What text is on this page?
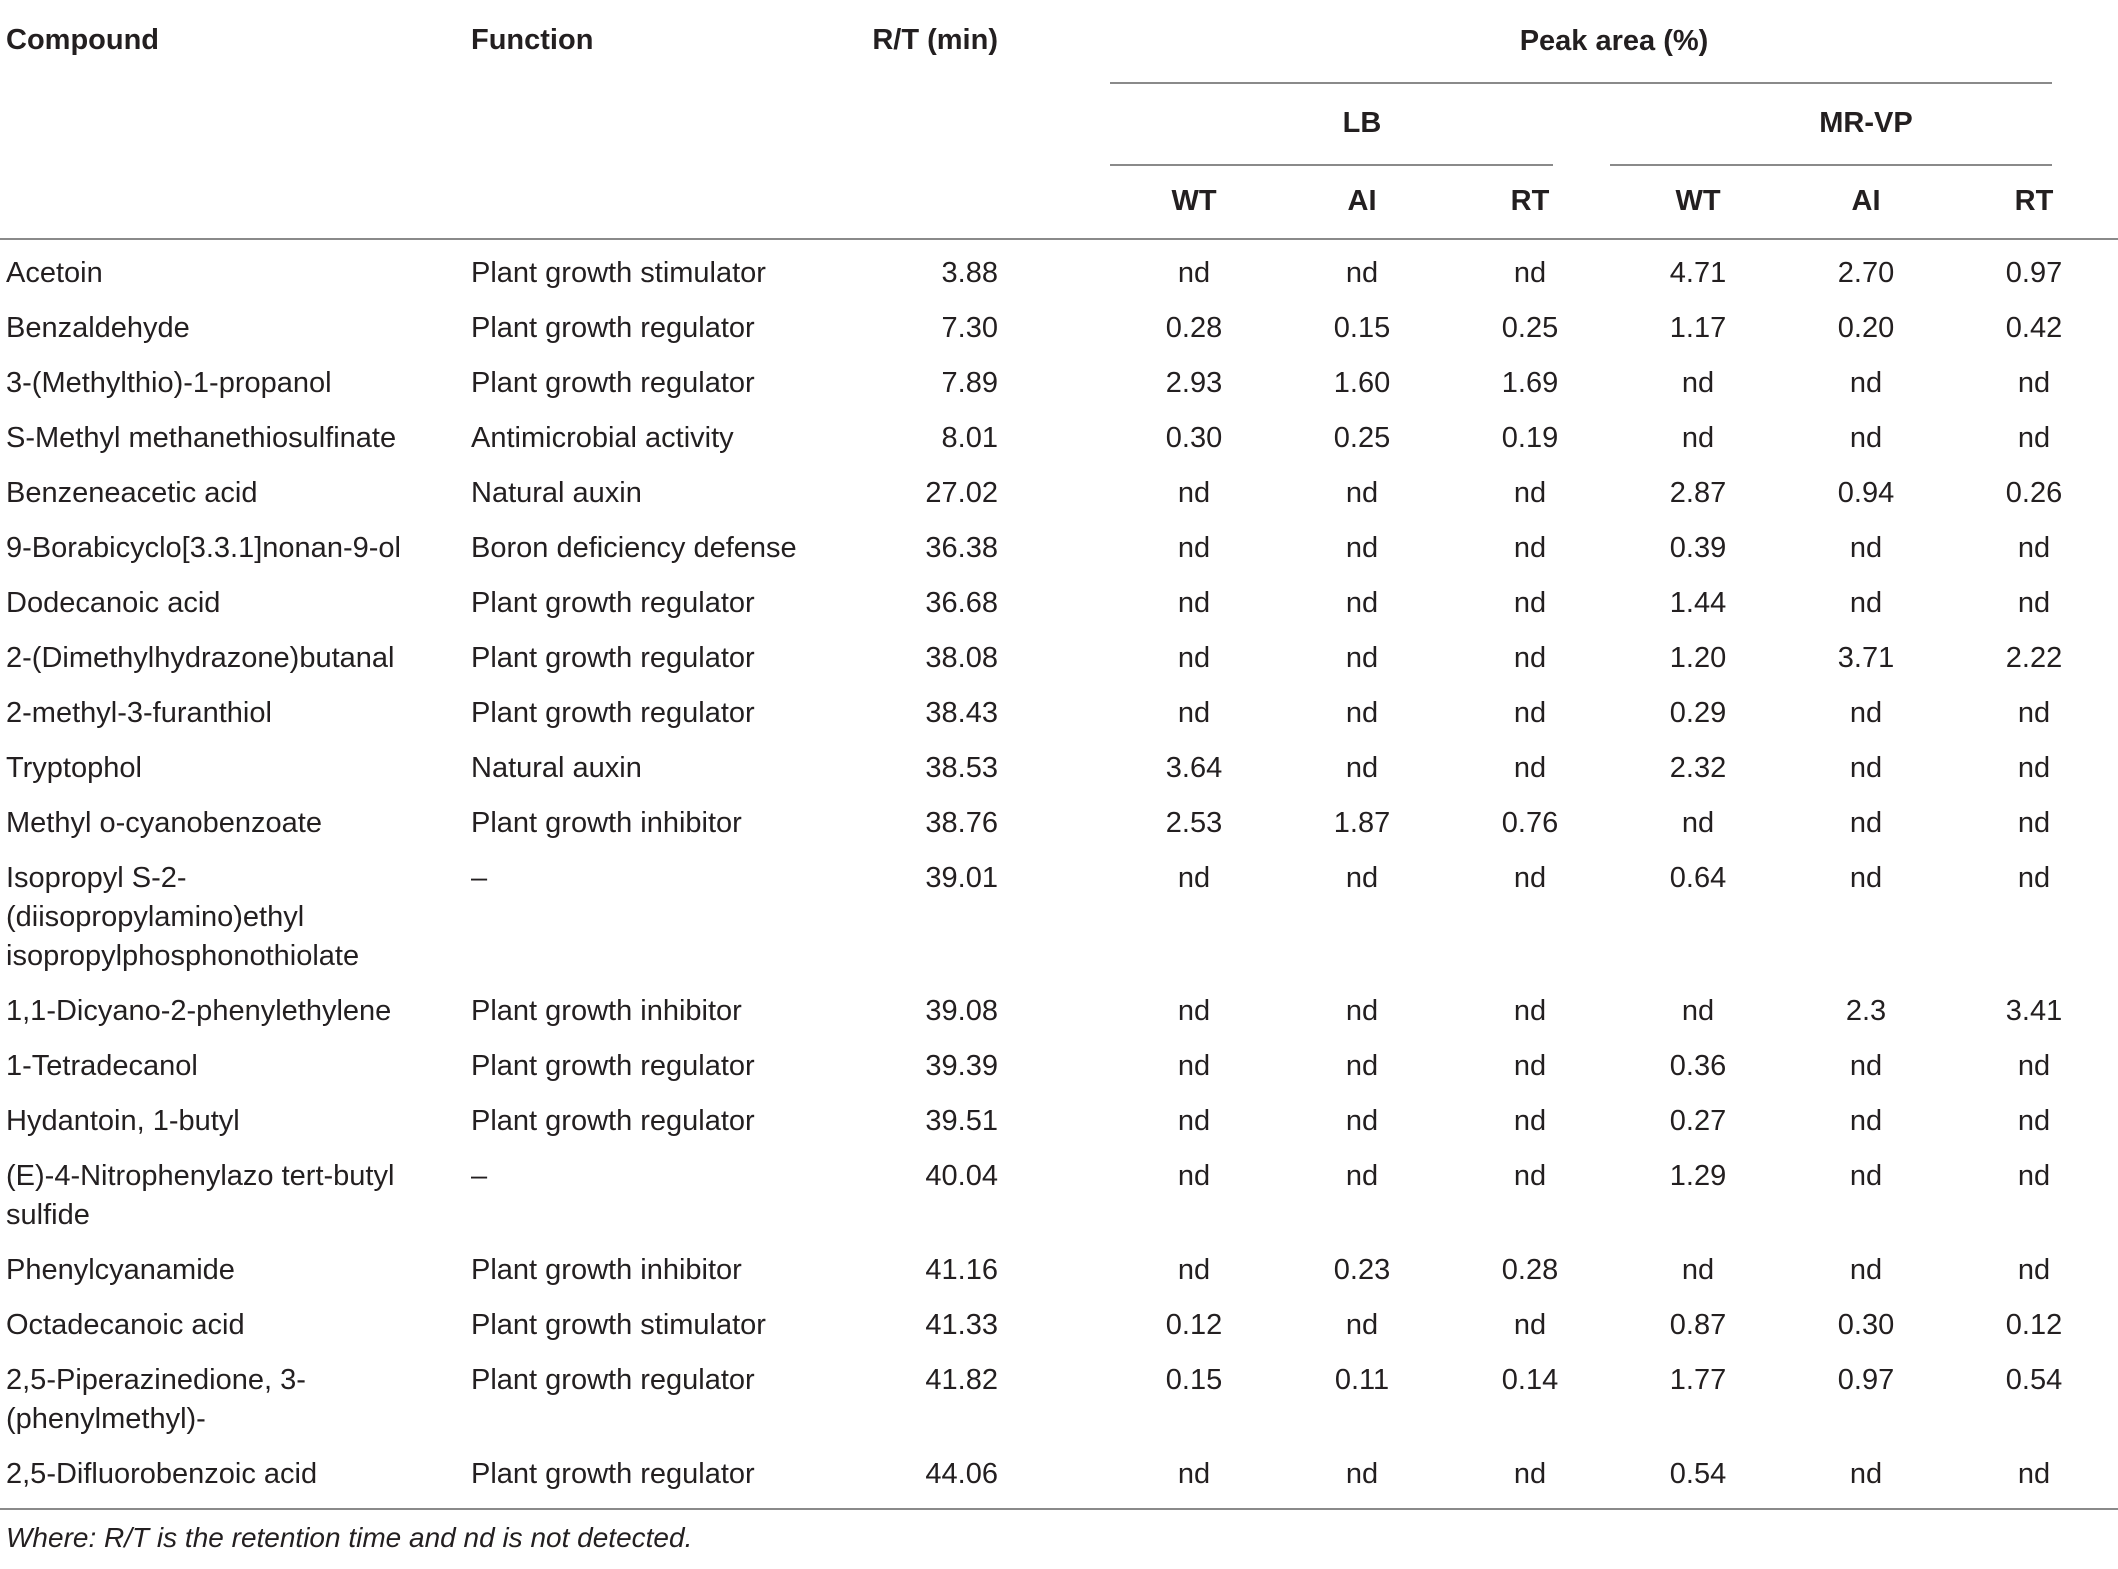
Compound	Function	R/T (min)	Peak area (%)					
			LB			MR-VP		
			WT	AI	RT	WT	AI	RT
Acetoin	Plant growth stimulator	3.88	nd	nd	nd	4.71	2.70	0.97
Benzaldehyde	Plant growth regulator	7.30	0.28	0.15	0.25	1.17	0.20	0.42
3-(Methylthio)-1-propanol	Plant growth regulator	7.89	2.93	1.60	1.69	nd	nd	nd
S-Methyl methanethiosulfinate	Antimicrobial activity	8.01	0.30	0.25	0.19	nd	nd	nd
Benzeneacetic acid	Natural auxin	27.02	nd	nd	nd	2.87	0.94	0.26
9-Borabicyclo[3.3.1]nonan-9-ol	Boron deficiency defense	36.38	nd	nd	nd	0.39	nd	nd
Dodecanoic acid	Plant growth regulator	36.68	nd	nd	nd	1.44	nd	nd
2-(Dimethylhydrazone)butanal	Plant growth regulator	38.08	nd	nd	nd	1.20	3.71	2.22
2-methyl-3-furanthiol	Plant growth regulator	38.43	nd	nd	nd	0.29	nd	nd
Tryptophol	Natural auxin	38.53	3.64	nd	nd	2.32	nd	nd
Methyl o-cyanobenzoate	Plant growth inhibitor	38.76	2.53	1.87	0.76	nd	nd	nd
Isopropyl S-2-(diisopropylamino)ethyl isopropylphosphonothiolate	–	39.01	nd	nd	nd	0.64	nd	nd
1,1-Dicyano-2-phenylethylene	Plant growth inhibitor	39.08	nd	nd	nd	nd	2.3	3.41
1-Tetradecanol	Plant growth regulator	39.39	nd	nd	nd	0.36	nd	nd
Hydantoin, 1-butyl	Plant growth regulator	39.51	nd	nd	nd	0.27	nd	nd
(E)-4-Nitrophenylazo tert-butyl sulfide	–	40.04	nd	nd	nd	1.29	nd	nd
Phenylcyanamide	Plant growth inhibitor	41.16	nd	0.23	0.28	nd	nd	nd
Octadecanoic acid	Plant growth stimulator	41.33	0.12	nd	nd	0.87	0.30	0.12
2,5-Piperazinedione, 3-(phenylmethyl)-	Plant growth regulator	41.82	0.15	0.11	0.14	1.77	0.97	0.54
2,5-Difluorobenzoic acid	Plant growth regulator	44.06	nd	nd	nd	0.54	nd	nd
Where: R/T is the retention time and nd is not detected.
